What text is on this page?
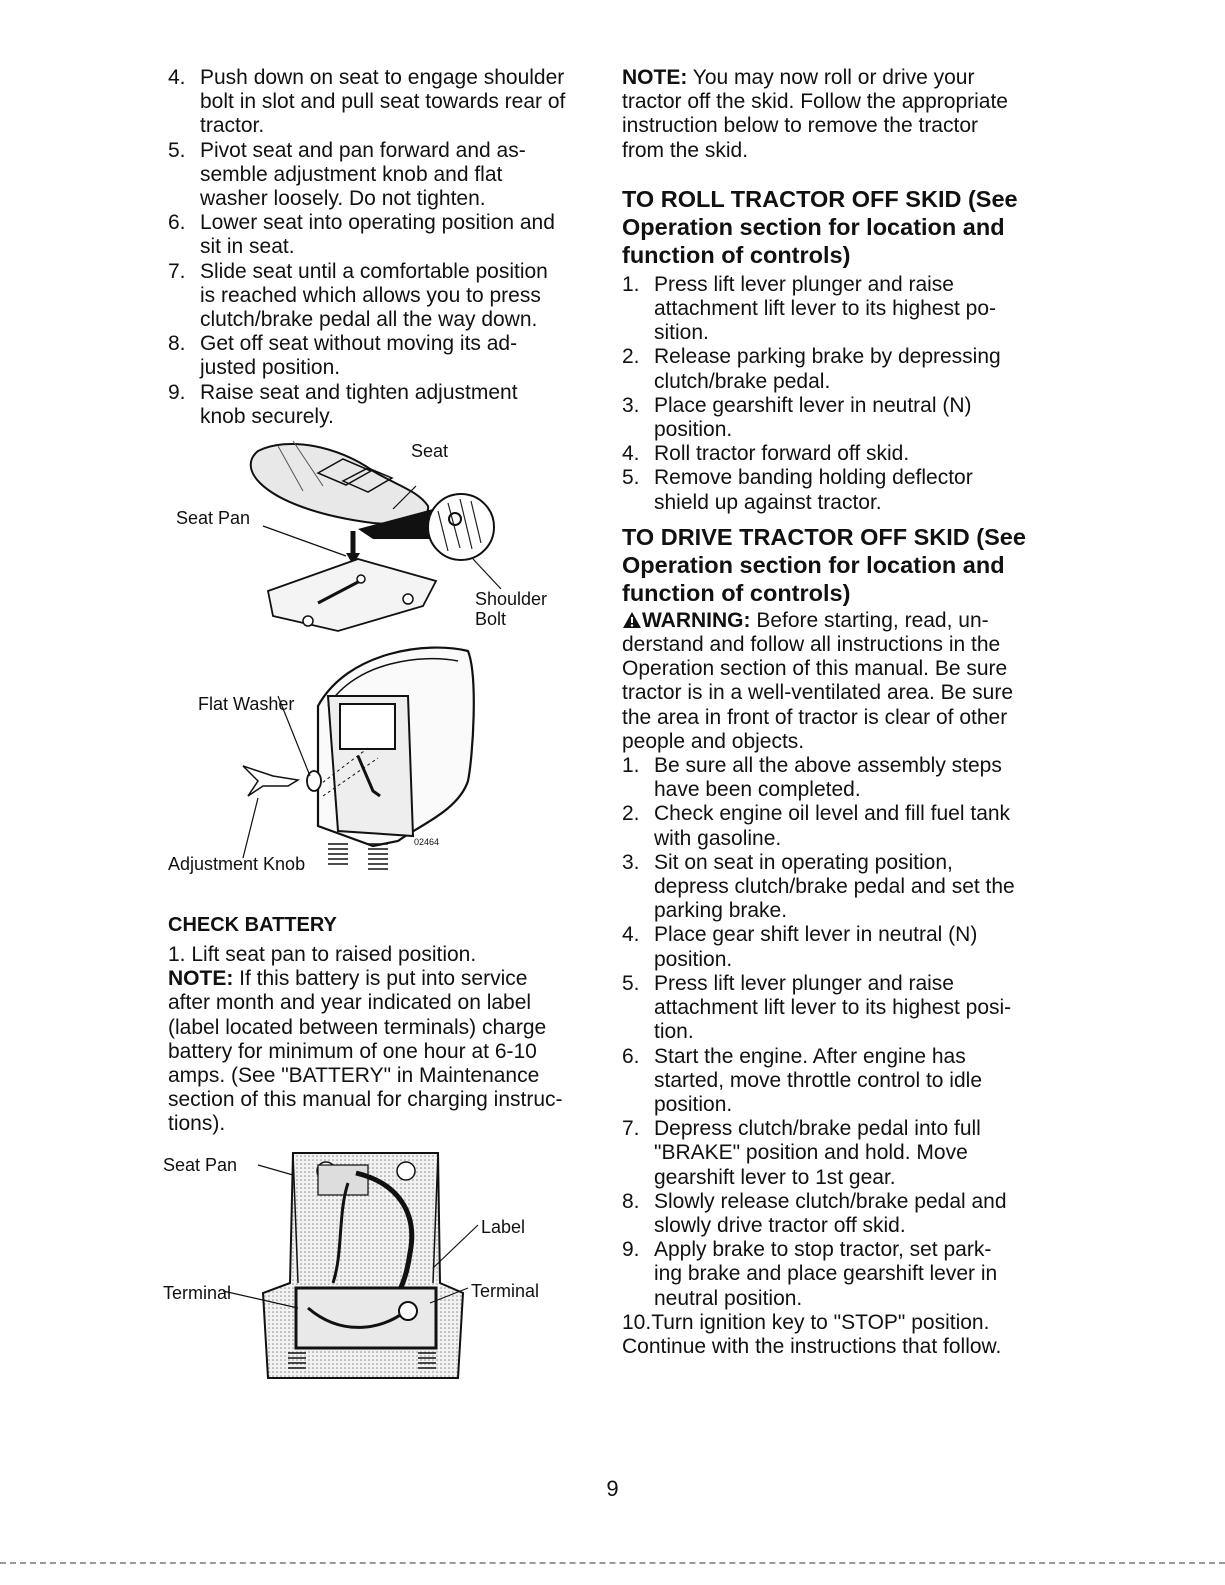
4. Push down on seat to engage shoulder
bolt in slot and pull seat towards rear of
tractor.
5. Pivot seat and pan forward and as-
semble adjustment knob and flat
washer loosely. Do not tighten.
6. Lower seat into operating position and
sit in seat.
7. Slide seat until a comfortable position
is reached which allows you to press
clutch/brake pedal all the way down.
8. Get off seat without moving its ad-
justed position.
9. Raise seat and tighten adjustment
knob securely.
Seat
Seat Pan
Shoulder
Bolt
Flat Washer
Adjustment Knob
02464

CHECK BATTERY

1. Lift seat pan to raised position.
NOTE: If this battery is put into service
after month and year indicated on label
(label located between terminals) charge
battery for minimum of one hour at 6-10
amps. (See "BATTERY" in Maintenance
section of this manual for charging instruc-
tions).
Seat Pan
Label
Terminal	Terminal
NOTE: You may now roll or drive your
tractor off the skid. Follow the appropriate
instruction below to remove the tractor
from the skid.

TO ROLL TRACTOR OFF SKID (See
Operation section for location and
function of controls)

1. Press lift lever plunger and raise
attachment lift lever to its highest po-
sition.
2. Release parking brake by depressing
clutch/brake pedal.
3. Place gearshift lever in neutral (N)
position.
4. Roll tractor forward off skid.
5. Remove banding holding deflector
shield up against tractor.

TO DRIVE TRACTOR OFF SKID (See
Operation section for location and
function of controls)

WARNING: Before starting, read, un-
derstand and follow all instructions in the
Operation section of this manual. Be sure
tractor is in a well-ventilated area. Be sure
the area in front of tractor is clear of other
people and objects.
1. Be sure all the above assembly steps
have been completed.
2. Check engine oil level and fill fuel tank
with gasoline.
3. Sit on seat in operating position,
depress clutch/brake pedal and set the
parking brake.
4. Place gear shift lever in neutral (N)
position.
5. Press lift lever plunger and raise
attachment lift lever to its highest posi-
tion.
6. Start the engine. After engine has
started, move throttle control to idle
position.
7. Depress clutch/brake pedal into full
"BRAKE" position and hold. Move
gearshift lever to 1st gear.
8. Slowly release clutch/brake pedal and
slowly drive tractor off skid.
9. Apply brake to stop tractor, set park-
ing brake and place gearshift lever in
neutral position.
10.Turn ignition key to "STOP" position.
Continue with the instructions that follow.
9
